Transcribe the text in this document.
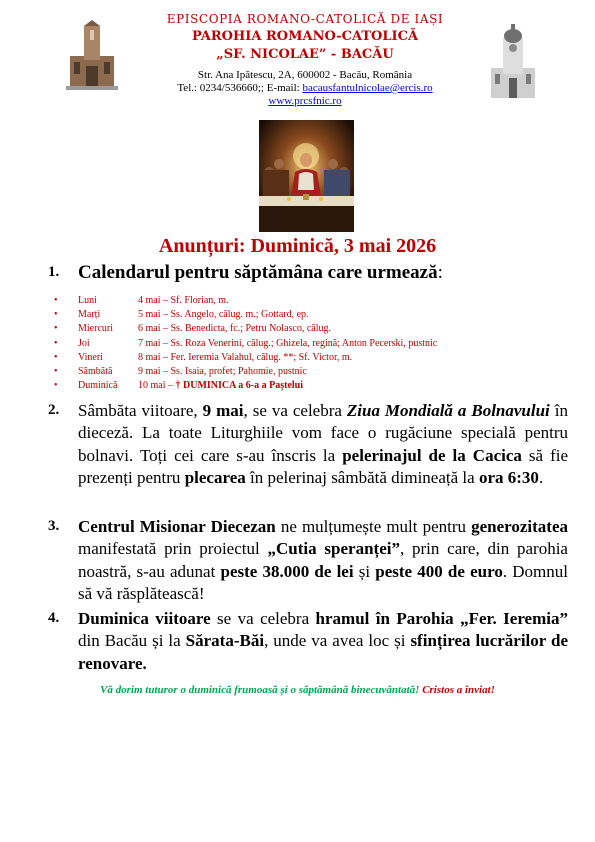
EPISCOPIA ROMANO-CATOLICĂ DE IAȘI
PAROHIA ROMANO-CATOLICĂ
„SF. NICOLAE” - BACĂU
Str. Ana Ipătescu, 2A, 600002 - Bacău, România
Tel.: 0234/536660;; E-mail: bacausfantulnicolae@ercis.ro
www.prcsfnic.ro
Anunțuri: Duminică, 3 mai 2026
1. Calendarul pentru săptămâna care urmează:
• Luni	4 mai – Sf. Florian, m.
• Marți	5 mai – Ss. Angelo, călug. m.; Gottard, ep.
• Miercuri	6 mai – Ss. Benedicta, fc.; Petru Nolasco, călug.
• Joi	7 mai – Ss. Roza Venerini, călug.; Ghizela, regină; Anton Pecerski, pustnic
• Vineri	8 mai – Fer. Ieremia Valahul, călug. **; Sf. Victor, m.
• Sâmbătă	9 mai – Ss. Isaia, profet; Pahomie, pustnic
• Duminică 10 mai – † DUMINICA a 6-a a Paștelui
2. Sâmbăta viitoare, 9 mai, se va celebra Ziua Mondială a Bolnavului în dieceză. La toate Liturghiile vom face o rugăciune specială pentru bolnavi. Toți cei care s-au înscris la pelerinajul de la Cacica să fie prezenți pentru plecarea în pelerinaj sâmbătă dimineață la ora 6:30.
3. Centrul Misionar Diecezan ne mulțumește mult pentru generozitatea manifestată prin proiectul „Cutia speranței”, prin care, din parohia noastră, s-au adunat peste 38.000 de lei și peste 400 de euro. Domnul să vă răsplătească!
4. Duminica viitoare se va celebra hramul în Parohia „Fer. Ieremia” din Bacău și la Sărata-Băi, unde va avea loc și sfințirea lucrărilor de renovare.
Vă dorim tuturor o duminică frumoasă și o săptămână binecuvântată! Cristos a înviat!
